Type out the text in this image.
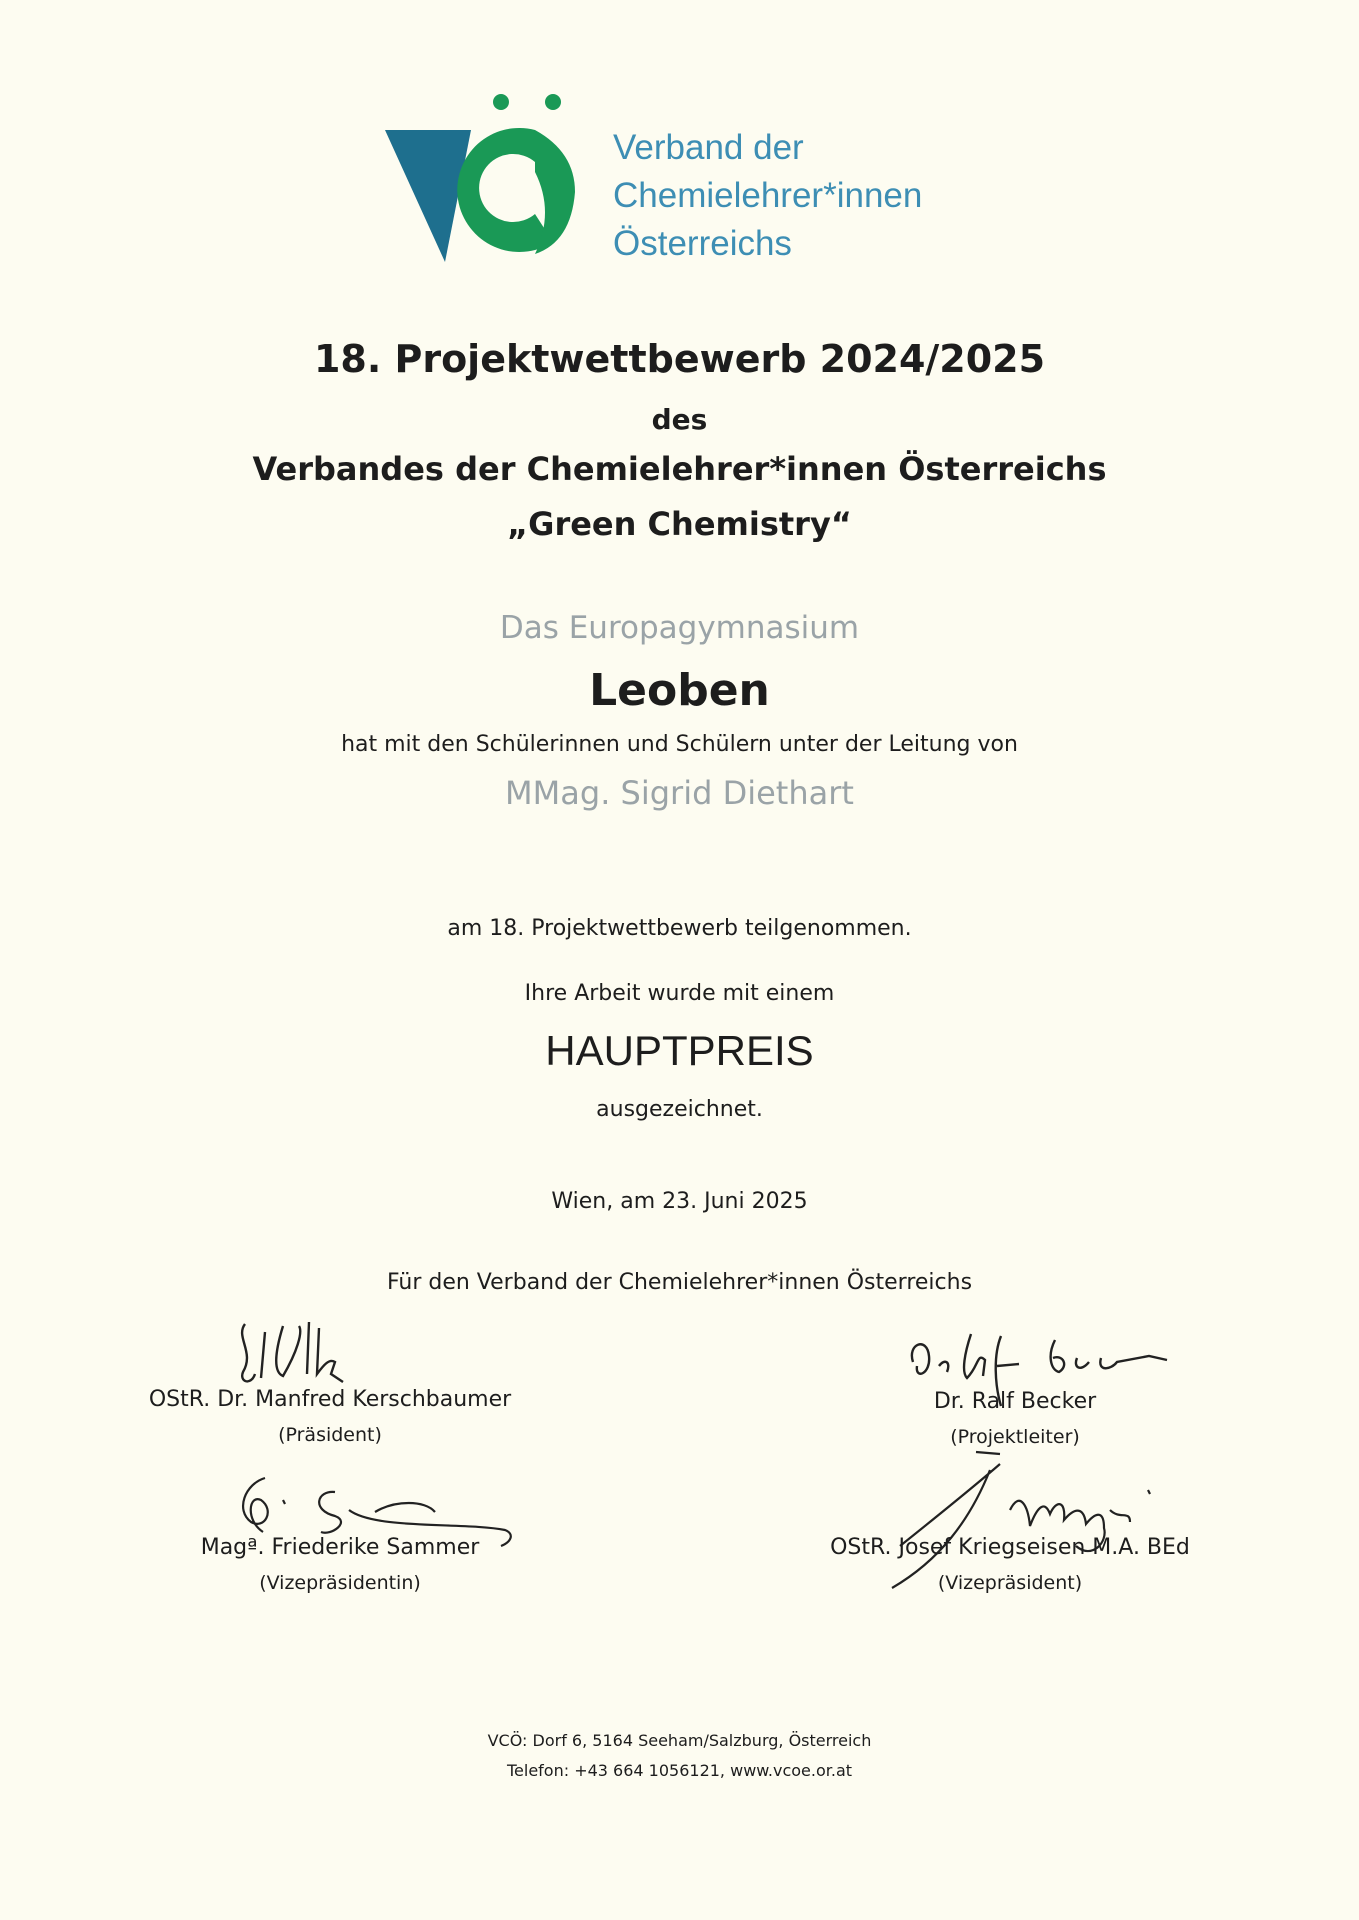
Verband der
Chemielehrer*innen
Österreichs
18. Projektwettbewerb 2024/2025
des
Verbandes der Chemielehrer*innen Österreichs
„Green Chemistry“
Das Europagymnasium
Leoben
hat mit den Schülerinnen und Schülern unter der Leitung von
MMag. Sigrid Diethart
am 18. Projektwettbewerb teilgenommen.
Ihre Arbeit wurde mit einem
HAUPTPREIS
ausgezeichnet.
Wien, am 23. Juni 2025
Für den Verband der Chemielehrer*innen Österreichs
OStR. Dr. Manfred Kerschbaumer
(Präsident)
Dr. Ralf Becker
(Projektleiter)
Magª. Friederike Sammer
(Vizepräsidentin)
OStR. Josef Kriegseisen M.A. BEd
(Vizepräsident)
VCÖ: Dorf 6, 5164 Seeham/Salzburg, Österreich
Telefon: +43 664 1056121, www.vcoe.or.at
